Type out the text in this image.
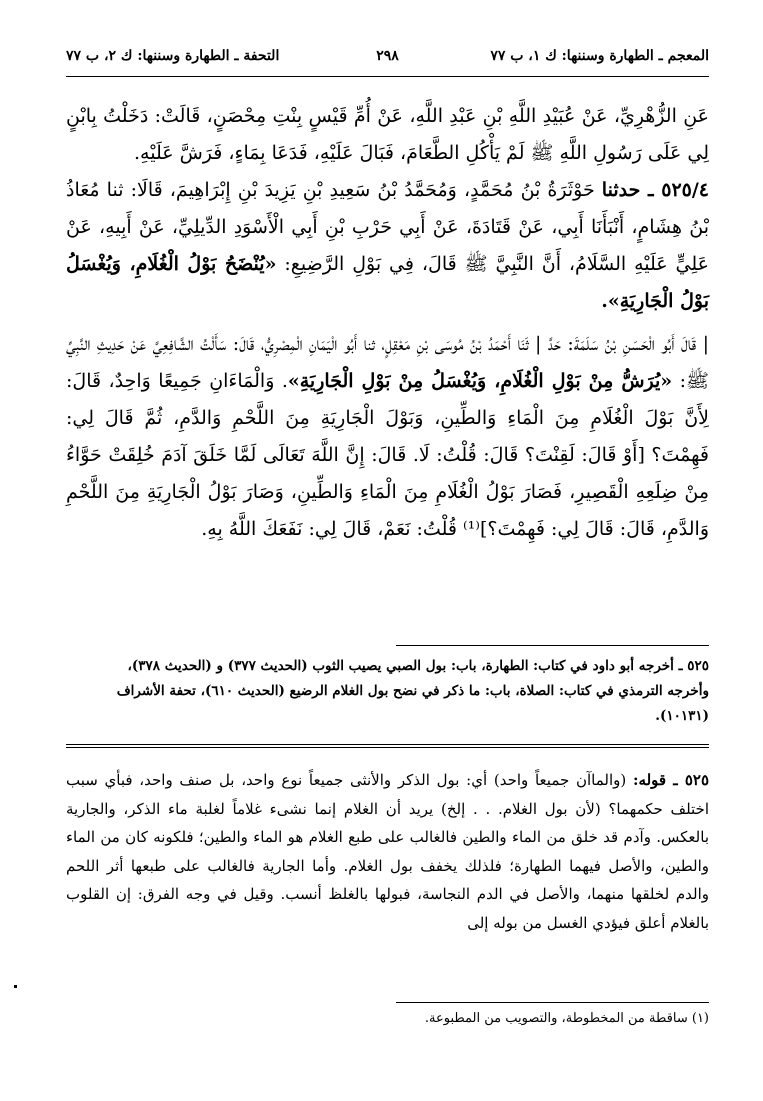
المعجم ـ الطهارة وسننها: ك ١، ب ٧٧
٢٩٨
التحفة ـ الطهارة وسننها: ك ٢، ب ٧٧

عَنِ الزُّهْرِيِّ، عَنْ عُبَيْدِ اللَّهِ بْنِ عَبْدِ اللَّهِ، عَنْ أُمِّ قَيْسٍ بِنْتِ مِحْصَنٍ، قَالَتْ: دَخَلْتُ بِابْنٍ لِي عَلَى رَسُولِ اللَّهِ ﷺ لَمْ يَأْكُلِ الطَّعَامَ، فَبَالَ عَلَيْهِ، فَدَعَا بِمَاءٍ، فَرَشَّ عَلَيْهِ.

٥٢٥/٤ ـ حدثنا حَوْثَرَةُ بْنُ مُحَمَّدٍ، وَمُحَمَّدُ بْنُ سَعِيدِ بْنِ يَزِيدَ بْنِ إِبْرَاهِيمَ، قَالَا: ثنا مُعَاذُ بْنُ هِشَامٍ، أَنْبَأَنَا أَبِي، عَنْ قَتَادَةَ، عَنْ أَبِي حَرْبِ بْنِ أَبِي الْأَسْوَدِ الدِّيلِيِّ، عَنْ أَبِيهِ، عَنْ عَلِيٍّ عَلَيْهِ السَّلَامُ، أَنَّ النَّبِيَّ ﷺ قَالَ، فِي بَوْلِ الرَّضِيعِ: «يُنْضَحُ بَوْلُ الْغُلَامِ، وَيُغْسَلُ بَوْلُ الْجَارِيَةِ».

| قَالَ أَبُو الْحَسَنِ بْنُ سَلَمَةَ: حَدَّ | ثَنَا أَحْمَدُ بْنُ مُوسَى بْنِ مَعْقِلٍ، ثنا أَبُو الْيَمَانِ الْمِصْرِيُّ، قَالَ: سَأَلْتُ الشَّافِعِيَّ عَنْ حَدِيثِ النَّبِيِّ ﷺ: «يُرَشُّ مِنْ بَوْلِ الْغُلَامِ، وَيُغْسَلُ مِنْ بَوْلِ الْجَارِيَةِ». وَالْمَاءَانِ جَمِيعًا وَاحِدٌ، قَالَ: لِأَنَّ بَوْلَ الْغُلَامِ مِنَ الْمَاءِ وَالطِّينِ، وَبَوْلَ الْجَارِيَةِ مِنَ اللَّحْمِ وَالدَّمِ، ثُمَّ قَالَ لِي: فَهِمْتَ؟ [أَوْ قَالَ: لَقِنْتَ؟ قَالَ: قُلْتُ: لَا. قَالَ: إِنَّ اللَّهَ تَعَالَى لَمَّا خَلَقَ آدَمَ خُلِقَتْ حَوَّاءُ مِنْ ضِلَعِهِ الْقَصِيرِ، فَصَارَ بَوْلُ الْغُلَامِ مِنَ الْمَاءِ وَالطِّينِ، وَصَارَ بَوْلُ الْجَارِيَةِ مِنَ اللَّحْمِ وَالدَّمِ، قَالَ: قَالَ لِي: فَهِمْتَ؟]⁽¹⁾ قُلْتُ: نَعَمْ، قَالَ لِي: نَفَعَكَ اللَّهُ بِهِ.

٥٢٥ ـ أخرجه أبو داود في كتاب: الطهارة، باب: بول الصبي يصيب الثوب (الحديث ٣٧٧) و (الحديث ٣٧٨)،

وأخرجه الترمذي في كتاب: الصلاة، باب: ما ذكر في نضح بول الغلام الرضيع (الحديث ٦١٠)، تحفة الأشراف

(١٠١٣١).

٥٢٥ ـ قوله: (والماآن جميعاً واحد) أي: بول الذكر والأنثى جميعاً نوع واحد، بل صنف واحد، فبأي سبب اختلف حكمهما؟ (لأن بول الغلام. . . إلخ) يريد أن الغلام إنما نشىء غلاماً لغلبة ماء الذكر، والجارية بالعكس. وآدم قد خلق من الماء والطين فالغالب على طبع الغلام هو الماء والطين؛ فلكونه كان من الماء والطين، والأصل فيهما الطهارة؛ فلذلك يخفف بول الغلام. وأما الجارية فالغالب على طبعها أثر اللحم والدم لخلقها منهما، والأصل في الدم النجاسة، فبولها بالغلظ أنسب. وقيل في وجه الفرق: إن القلوب بالغلام أعلق فيؤدي الغسل من بوله إلى

(١) ساقطة من المخطوطة، والتصويب من المطبوعة.
